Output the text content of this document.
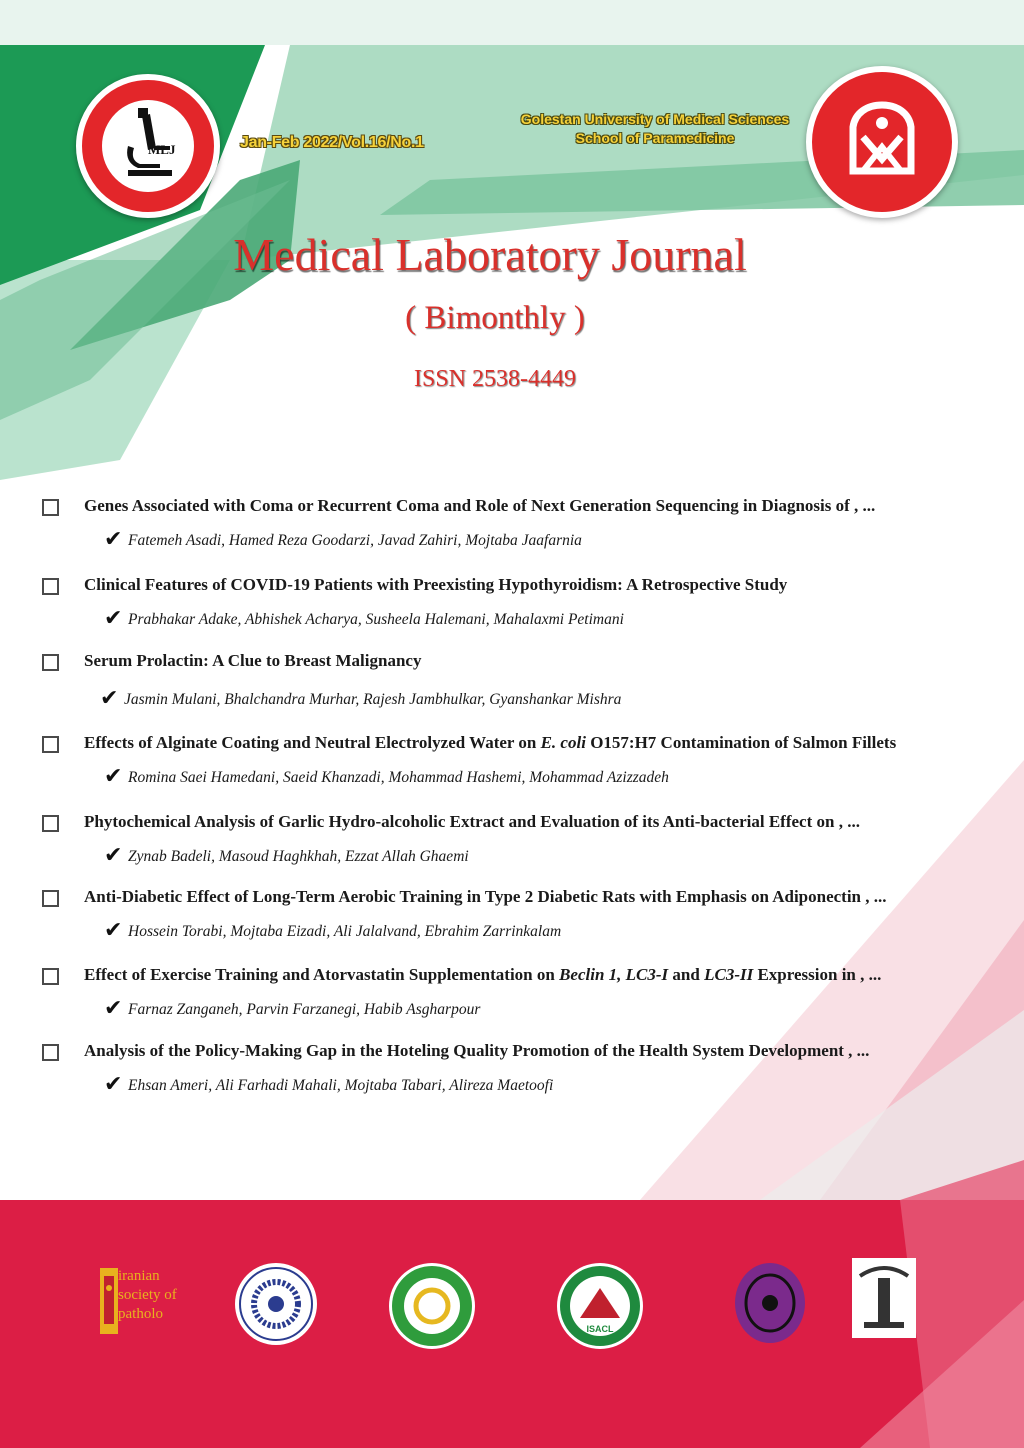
MLJ	Jan-Feb 2022/Vol.16/No.1
Golestan University of Medical Sciences
School of Paramedicine
Medical Laboratory Journal
( Bimonthly )
ISSN 2538-4449
Genes Associated with Coma or Recurrent Coma and Role of Next Generation Sequencing in Diagnosis of , ...
✔ Fatemeh Asadi, Hamed Reza Goodarzi, Javad Zahiri, Mojtaba Jaafarnia
Clinical Features of COVID-19 Patients with Preexisting Hypothyroidism: A Retrospective Study
✔ Prabhakar Adake, Abhishek Acharya, Susheela Halemani, Mahalaxmi Petimani
Serum Prolactin: A Clue to Breast Malignancy
✔ Jasmin Mulani, Bhalchandra Murhar, Rajesh Jambhulkar, Gyanshankar Mishra
Effects of Alginate Coating and Neutral Electrolyzed Water on E. coli O157:H7 Contamination of Salmon Fillets
✔ Romina Saei Hamedani, Saeid Khanzadi, Mohammad Hashemi, Mohammad Azizzadeh
Phytochemical Analysis of Garlic Hydro-alcoholic Extract and Evaluation of its Anti-bacterial Effect on , ...
✔ Zynab Badeli, Masoud Haghkhah, Ezzat Allah Ghaemi
Anti-Diabetic Effect of Long-Term Aerobic Training in Type 2 Diabetic Rats with Emphasis on Adiponectin , ...
✔ Hossein Torabi, Mojtaba Eizadi, Ali Jalalvand, Ebrahim Zarrinkalam
Effect of Exercise Training and Atorvastatin Supplementation on Beclin 1, LC3-I and LC3-II Expression in , ...
✔ Farnaz Zanganeh, Parvin Farzanegi, Habib Asgharpour
Analysis of the Policy-Making Gap in the Hoteling Quality Promotion of the Health System Development , ...
✔ Ehsan Ameri, Ali Farhadi Mahali, Mojtaba Tabari, Alireza Maetoofi
iranian
society of
patholo
ISACL
